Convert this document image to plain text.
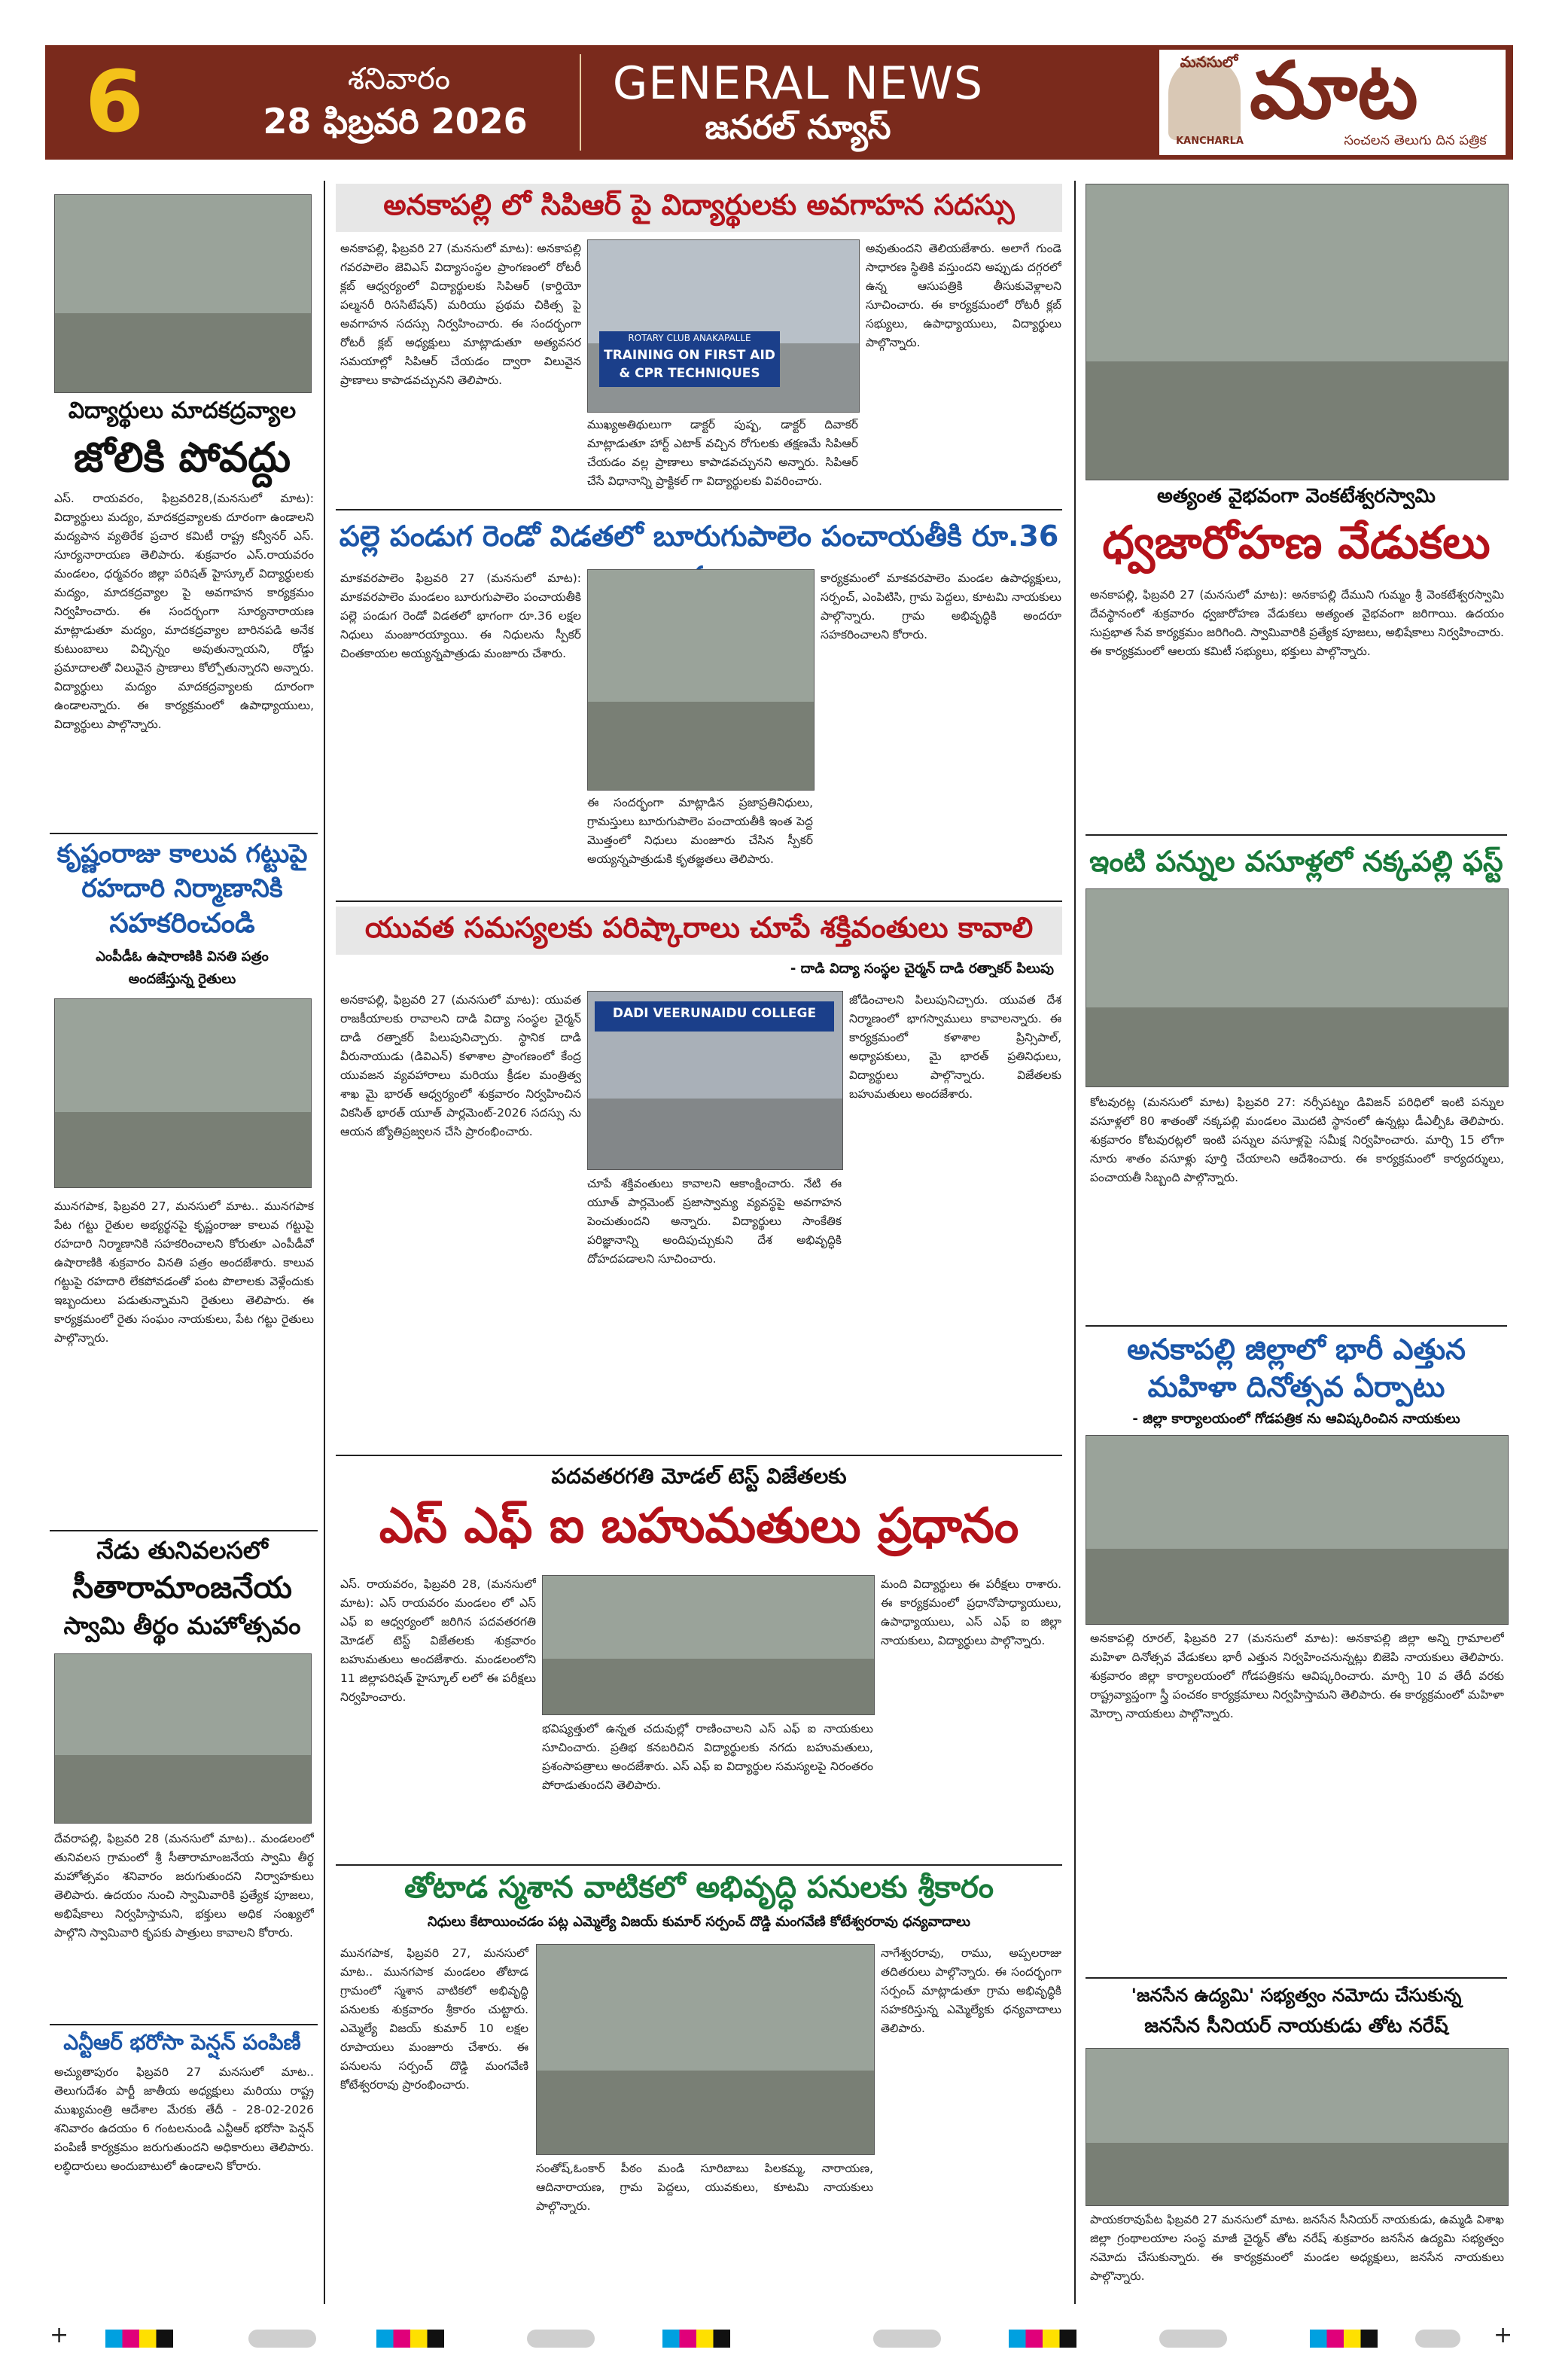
6	శనివారం
28 ఫిబ్రవరి 2026
GENERAL NEWS
జనరల్ న్యూస్
మనసులో
KANCHARLA
మాట
సంచలన తెలుగు దిన పత్రిక
విద్యార్థులు మాదకద్రవ్యాల
జోలికి పోవద్దు
ఎస్. రాయవరం, ఫిబ్రవరి28,(మనసులో మాట): విద్యార్థులు మద్యం, మాదకద్రవ్యాలకు దూరంగా ఉండాలని మద్యపాన వ్యతిరేక ప్రచార కమిటీ రాష్ట్ర కన్వీనర్ ఎస్. సూర్యనారాయణ తెలిపారు. శుక్రవారం ఎస్.రాయవరం మండలం, ధర్మవరం జిల్లా పరిషత్ హైస్కూల్ విద్యార్థులకు మద్యం, మాదకద్రవ్యాల పై అవగాహన కార్యక్రమం నిర్వహించారు. ఈ సందర్భంగా సూర్యనారాయణ మాట్లాడుతూ మద్యం, మాదకద్రవ్యాల బారినపడి అనేక కుటుంబాలు విచ్ఛిన్నం అవుతున్నాయని, రోడ్డు ప్రమాదాలతో విలువైన ప్రాణాలు కోల్పోతున్నారని అన్నారు. విద్యార్థులు మద్యం మాదకద్రవ్యాలకు దూరంగా ఉండాలన్నారు. ఈ కార్యక్రమంలో ఉపాధ్యాయులు, విద్యార్థులు పాల్గొన్నారు.
కృష్ణంరాజు కాలువ గట్టుపై
రహదారి నిర్మాణానికి
సహకరించండి
ఎంపీడీఓ ఉషారాణికి వినతి పత్రం
అందజేస్తున్న రైతులు
మునగపాక, ఫిబ్రవరి 27, మనసులో మాట.. మునగపాక పేట గట్టు రైతుల అభ్యర్థనపై కృష్ణంరాజు కాలువ గట్టుపై రహదారి నిర్మాణానికి సహకరించాలని కోరుతూ ఎంపీడీవో ఉషారాణికి శుక్రవారం వినతి పత్రం అందజేశారు. కాలువ గట్టుపై రహదారి లేకపోవడంతో పంట పొలాలకు వెళ్లేందుకు ఇబ్బందులు పడుతున్నామని రైతులు తెలిపారు. ఈ కార్యక్రమంలో రైతు సంఘం నాయకులు, పేట గట్టు రైతులు పాల్గొన్నారు.
నేడు తునివలసలో
సీతారామాంజనేయ
స్వామి తీర్థం మహోత్సవం
దేవరాపల్లి, ఫిబ్రవరి 28 (మనసులో మాట).. మండలంలో తునివలస గ్రామంలో శ్రీ సీతారామాంజనేయ స్వామి తీర్థ మహోత్సవం శనివారం జరుగుతుందని నిర్వాహకులు తెలిపారు. ఉదయం నుంచి స్వామివారికి ప్రత్యేక పూజలు, అభిషేకాలు నిర్వహిస్తామని, భక్తులు అధిక సంఖ్యలో పాల్గొని స్వామివారి కృపకు పాత్రులు కావాలని కోరారు.
ఎన్టీఆర్ భరోసా పెన్షన్ పంపిణీ
అచ్యుతాపురం ఫిబ్రవరి 27 మనసులో మాట.. తెలుగుదేశం పార్టీ జాతీయ అధ్యక్షులు మరియు రాష్ట్ర ముఖ్యమంత్రి ఆదేశాల మేరకు తేదీ - 28-02-2026 శనివారం ఉదయం 6 గంటలనుండి ఎన్టీఆర్ భరోసా పెన్షన్ పంపిణీ కార్యక్రమం జరుగుతుందని అధికారులు తెలిపారు. లబ్ధిదారులు అందుబాటులో ఉండాలని కోరారు.
అనకాపల్లి లో సిపిఆర్ పై విద్యార్థులకు అవగాహన సదస్సు
అనకాపల్లి, ఫిబ్రవరి 27 (మనసులో మాట): అనకాపల్లి గవరపాలెం జెవిఎస్ విద్యాసంస్థల ప్రాంగణంలో రోటరీ క్లబ్ ఆధ్వర్యంలో విద్యార్థులకు సిపిఆర్ (కార్డియో పల్మనరీ రిససిటేషన్) మరియు ప్రథమ చికిత్స పై అవగాహన సదస్సు నిర్వహించారు. ఈ సందర్భంగా రోటరీ క్లబ్ అధ్యక్షులు మాట్లాడుతూ అత్యవసర సమయాల్లో సిపిఆర్ చేయడం ద్వారా విలువైన ప్రాణాలు కాపాడవచ్చునని తెలిపారు.
ROTARY CLUB ANAKAPALLE
TRAINING ON FIRST AID
& CPR TECHNIQUES
ముఖ్యఅతిథులుగా డాక్టర్ పుష్ప, డాక్టర్ దివాకర్ మాట్లాడుతూ హార్ట్ ఎటాక్ వచ్చిన రోగులకు తక్షణమే సిపిఆర్ చేయడం వల్ల ప్రాణాలు కాపాడవచ్చునని అన్నారు. సిపిఆర్ చేసే విధానాన్ని ప్రాక్టికల్ గా విద్యార్థులకు వివరించారు.
అవుతుందని తెలియజేశారు. అలాగే గుండె సాధారణ స్థితికి వస్తుందని అప్పుడు దగ్గరలో ఉన్న ఆసుపత్రికి తీసుకువెళ్లాలని సూచించారు. ఈ కార్యక్రమంలో రోటరీ క్లబ్ సభ్యులు, ఉపాధ్యాయులు, విద్యార్థులు పాల్గొన్నారు.
పల్లె పండుగ రెండో విడతలో బూరుగుపాలెం పంచాయతీకి రూ.36
మాకవరపాలెం ఫిబ్రవరి 27 (మనసులో మాట): మాకవరపాలెం మండలం బూరుగుపాలెం పంచాయతీకి పల్లె పండుగ రెండో విడతలో భాగంగా రూ.36 లక్షల నిధులు మంజూరయ్యాయి. ఈ నిధులను స్పీకర్ చింతకాయల అయ్యన్నపాత్రుడు మంజూరు చేశారు.
ఈ సందర్భంగా మాట్లాడిన ప్రజాప్రతినిధులు, గ్రామస్తులు బూరుగుపాలెం పంచాయతీకి ఇంత పెద్ద మొత్తంలో నిధులు మంజూరు చేసిన స్పీకర్ అయ్యన్నపాత్రుడుకి కృతజ్ఞతలు తెలిపారు.
కార్యక్రమంలో మాకవరపాలెం మండల ఉపాధ్యక్షులు, సర్పంచ్, ఎంపిటిసి, గ్రామ పెద్దలు, కూటమి నాయకులు పాల్గొన్నారు. గ్రామ అభివృద్ధికి అందరూ సహకరించాలని కోరారు.
యువత సమస్యలకు పరిష్కారాలు చూపే శక్తివంతులు కావాలి
- దాడి విద్యా సంస్థల చైర్మన్ దాడి రత్నాకర్ పిలుపు
అనకాపల్లి, ఫిబ్రవరి 27 (మనసులో మాట): యువత రాజకీయాలకు రావాలని దాడి విద్యా సంస్థల చైర్మన్ దాడి రత్నాకర్ పిలుపునిచ్చారు. స్థానిక దాడి వీరునాయుడు (డివిఎన్) కళాశాల ప్రాంగణంలో కేంద్ర యువజన వ్యవహారాలు మరియు క్రీడల మంత్రిత్వ శాఖ మై భారత్ ఆధ్వర్యంలో శుక్రవారం నిర్వహించిన వికసిత్ భారత్ యూత్ పార్లమెంట్-2026 సదస్సు ను ఆయన జ్యోతిప్రజ్వలన చేసి ప్రారంభించారు.
DADI VEERUNAIDU COLLEGE
చూపే శక్తివంతులు కావాలని ఆకాంక్షించారు. నేటి ఈ యూత్ పార్లమెంట్ ప్రజాస్వామ్య వ్యవస్థపై అవగాహన పెంచుతుందని అన్నారు. విద్యార్థులు సాంకేతిక పరిజ్ఞానాన్ని అందిపుచ్చుకుని దేశ అభివృద్ధికి దోహదపడాలని సూచించారు.
జోడించాలని పిలుపునిచ్చారు. యువత దేశ నిర్మాణంలో భాగస్వాములు కావాలన్నారు. ఈ కార్యక్రమంలో కళాశాల ప్రిన్సిపాల్, అధ్యాపకులు, మై భారత్ ప్రతినిధులు, విద్యార్థులు పాల్గొన్నారు. విజేతలకు బహుమతులు అందజేశారు.
పదవతరగతి మోడల్ టెస్ట్ విజేతలకు
ఎస్ ఎఫ్ ఐ బహుమతులు ప్రధానం
ఎస్. రాయవరం, ఫిబ్రవరి 28, (మనసులో మాట): ఎస్ రాయవరం మండలం లో ఎస్ ఎఫ్ ఐ ఆధ్వర్యంలో జరిగిన పదవతరగతి మోడల్ టెస్ట్ విజేతలకు శుక్రవారం బహుమతులు అందజేశారు. మండలంలోని 11 జిల్లాపరిషత్ హైస్కూల్ లలో ఈ పరీక్షలు నిర్వహించారు.
భవిష్యత్తులో ఉన్నత చదువుల్లో రాణించాలని ఎస్ ఎఫ్ ఐ నాయకులు సూచించారు. ప్రతిభ కనబరిచిన విద్యార్థులకు నగదు బహుమతులు, ప్రశంసాపత్రాలు అందజేశారు. ఎస్ ఎఫ్ ఐ విద్యార్థుల సమస్యలపై నిరంతరం పోరాడుతుందని తెలిపారు.
మంది విద్యార్థులు ఈ పరీక్షలు రాశారు. ఈ కార్యక్రమంలో ప్రధానోపాధ్యాయులు, ఉపాధ్యాయులు, ఎస్ ఎఫ్ ఐ జిల్లా నాయకులు, విద్యార్థులు పాల్గొన్నారు.
తోటాడ స్మశాన వాటికలో అభివృద్ధి పనులకు శ్రీకారం
నిధులు కేటాయించడం పట్ల ఎమ్మెల్యే విజయ్ కుమార్ సర్పంచ్ దొడ్డి మంగవేణి కోటేశ్వరరావు ధన్యవాదాలు
మునగపాక, ఫిబ్రవరి 27, మనసులో మాట.. మునగపాక మండలం తోటాడ గ్రామంలో స్మశాన వాటికలో అభివృద్ధి పనులకు శుక్రవారం శ్రీకారం చుట్టారు. ఎమ్మెల్యే విజయ్ కుమార్ 10 లక్షల రూపాయలు మంజూరు చేశారు. ఈ పనులను సర్పంచ్ దొడ్డి మంగవేణి కోటేశ్వరరావు ప్రారంభించారు.
సంతోష్,ఓంకార్ పీఠం మండి సూరిబాబు పిలకమ్మ, నారాయణ, ఆదినారాయణ, గ్రామ పెద్దలు, యువకులు, కూటమి నాయకులు పాల్గొన్నారు.
నాగేశ్వరరావు, రాము, అప్పలరాజు తదితరులు పాల్గొన్నారు. ఈ సందర్భంగా సర్పంచ్ మాట్లాడుతూ గ్రామ అభివృద్ధికి సహకరిస్తున్న ఎమ్మెల్యేకు ధన్యవాదాలు తెలిపారు.
అత్యంత వైభవంగా వెంకటేశ్వరస్వామి
ధ్వజారోహణ వేడుకలు
అనకాపల్లి, ఫిబ్రవరి 27 (మనసులో మాట): అనకాపల్లి దేముని గుమ్మం శ్రీ వెంకటేశ్వరస్వామి దేవస్థానంలో శుక్రవారం ధ్వజారోహణ వేడుకలు అత్యంత వైభవంగా జరిగాయి. ఉదయం సుప్రభాత సేవ కార్యక్రమం జరిగింది. స్వామివారికి ప్రత్యేక పూజలు, అభిషేకాలు నిర్వహించారు. ఈ కార్యక్రమంలో ఆలయ కమిటీ సభ్యులు, భక్తులు పాల్గొన్నారు.
ఇంటి పన్నుల వసూళ్లలో నక్కపల్లి ఫస్ట్
కోటవురట్ల (మనసులో మాట) ఫిబ్రవరి 27: నర్సీపట్నం డివిజన్ పరిధిలో ఇంటి పన్నుల వసూళ్లలో 80 శాతంతో నక్కపల్లి మండలం మొదటి స్థానంలో ఉన్నట్లు డీఎల్పీఓ తెలిపారు. శుక్రవారం కోటవురట్లలో ఇంటి పన్నుల వసూళ్లపై సమీక్ష నిర్వహించారు. మార్చి 15 లోగా నూరు శాతం వసూళ్లు పూర్తి చేయాలని ఆదేశించారు. ఈ కార్యక్రమంలో కార్యదర్శులు, పంచాయతీ సిబ్బంది పాల్గొన్నారు.
అనకాపల్లి జిల్లాలో భారీ ఎత్తున
మహిళా దినోత్సవ ఏర్పాటు
- జిల్లా కార్యాలయంలో గోడపత్రిక ను ఆవిష్కరించిన నాయకులు
అనకాపల్లి రూరల్, ఫిబ్రవరి 27 (మనసులో మాట): అనకాపల్లి జిల్లా అన్ని గ్రామాలలో మహిళా దినోత్సవ వేడుకలు భారీ ఎత్తున నిర్వహించనున్నట్లు బిజెపి నాయకులు తెలిపారు. శుక్రవారం జిల్లా కార్యాలయంలో గోడపత్రికను ఆవిష్కరించారు. మార్చి 10 వ తేదీ వరకు రాష్ట్రవ్యాప్తంగా స్త్రీ పంచకం కార్యక్రమాలు నిర్వహిస్తామని తెలిపారు. ఈ కార్యక్రమంలో మహిళా మోర్చా నాయకులు పాల్గొన్నారు.
'జనసేన ఉద్యమి' సభ్యత్వం నమోదు చేసుకున్న
జనసేన సీనియర్ నాయకుడు తోట నరేష్
పాయకరావుపేట ఫిబ్రవరి 27 మనసులో మాట. జనసేన సీనియర్ నాయకుడు, ఉమ్మడి విశాఖ జిల్లా గ్రంథాలయాల సంస్థ మాజీ చైర్మన్ తోట నరేష్ శుక్రవారం జనసేన ఉద్యమి సభ్యత్వం నమోదు చేసుకున్నారు. ఈ కార్యక్రమంలో మండల అధ్యక్షులు, జనసేన నాయకులు పాల్గొన్నారు.
+	+
